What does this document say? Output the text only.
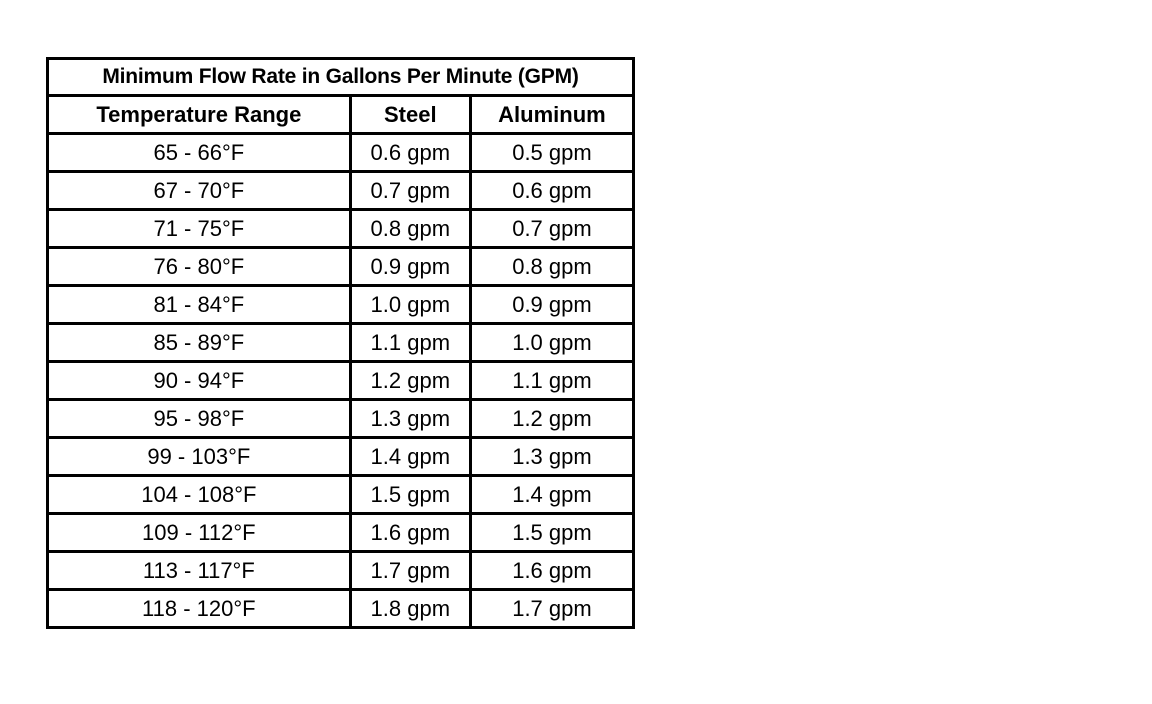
Minimum Flow Rate in Gallons Per Minute (GPM)		
Temperature Range	Steel	Aluminum
65 - 66°F	0.6 gpm	0.5 gpm
67 - 70°F	0.7 gpm	0.6 gpm
71 - 75°F	0.8 gpm	0.7 gpm
76 - 80°F	0.9 gpm	0.8 gpm
81 - 84°F	1.0 gpm	0.9 gpm
85 - 89°F	1.1 gpm	1.0 gpm
90 - 94°F	1.2 gpm	1.1 gpm
95 - 98°F	1.3 gpm	1.2 gpm
99 - 103°F	1.4 gpm	1.3 gpm
104 - 108°F	1.5 gpm	1.4 gpm
109 - 112°F	1.6 gpm	1.5 gpm
113 - 117°F	1.7 gpm	1.6 gpm
118 - 120°F	1.8 gpm	1.7 gpm
